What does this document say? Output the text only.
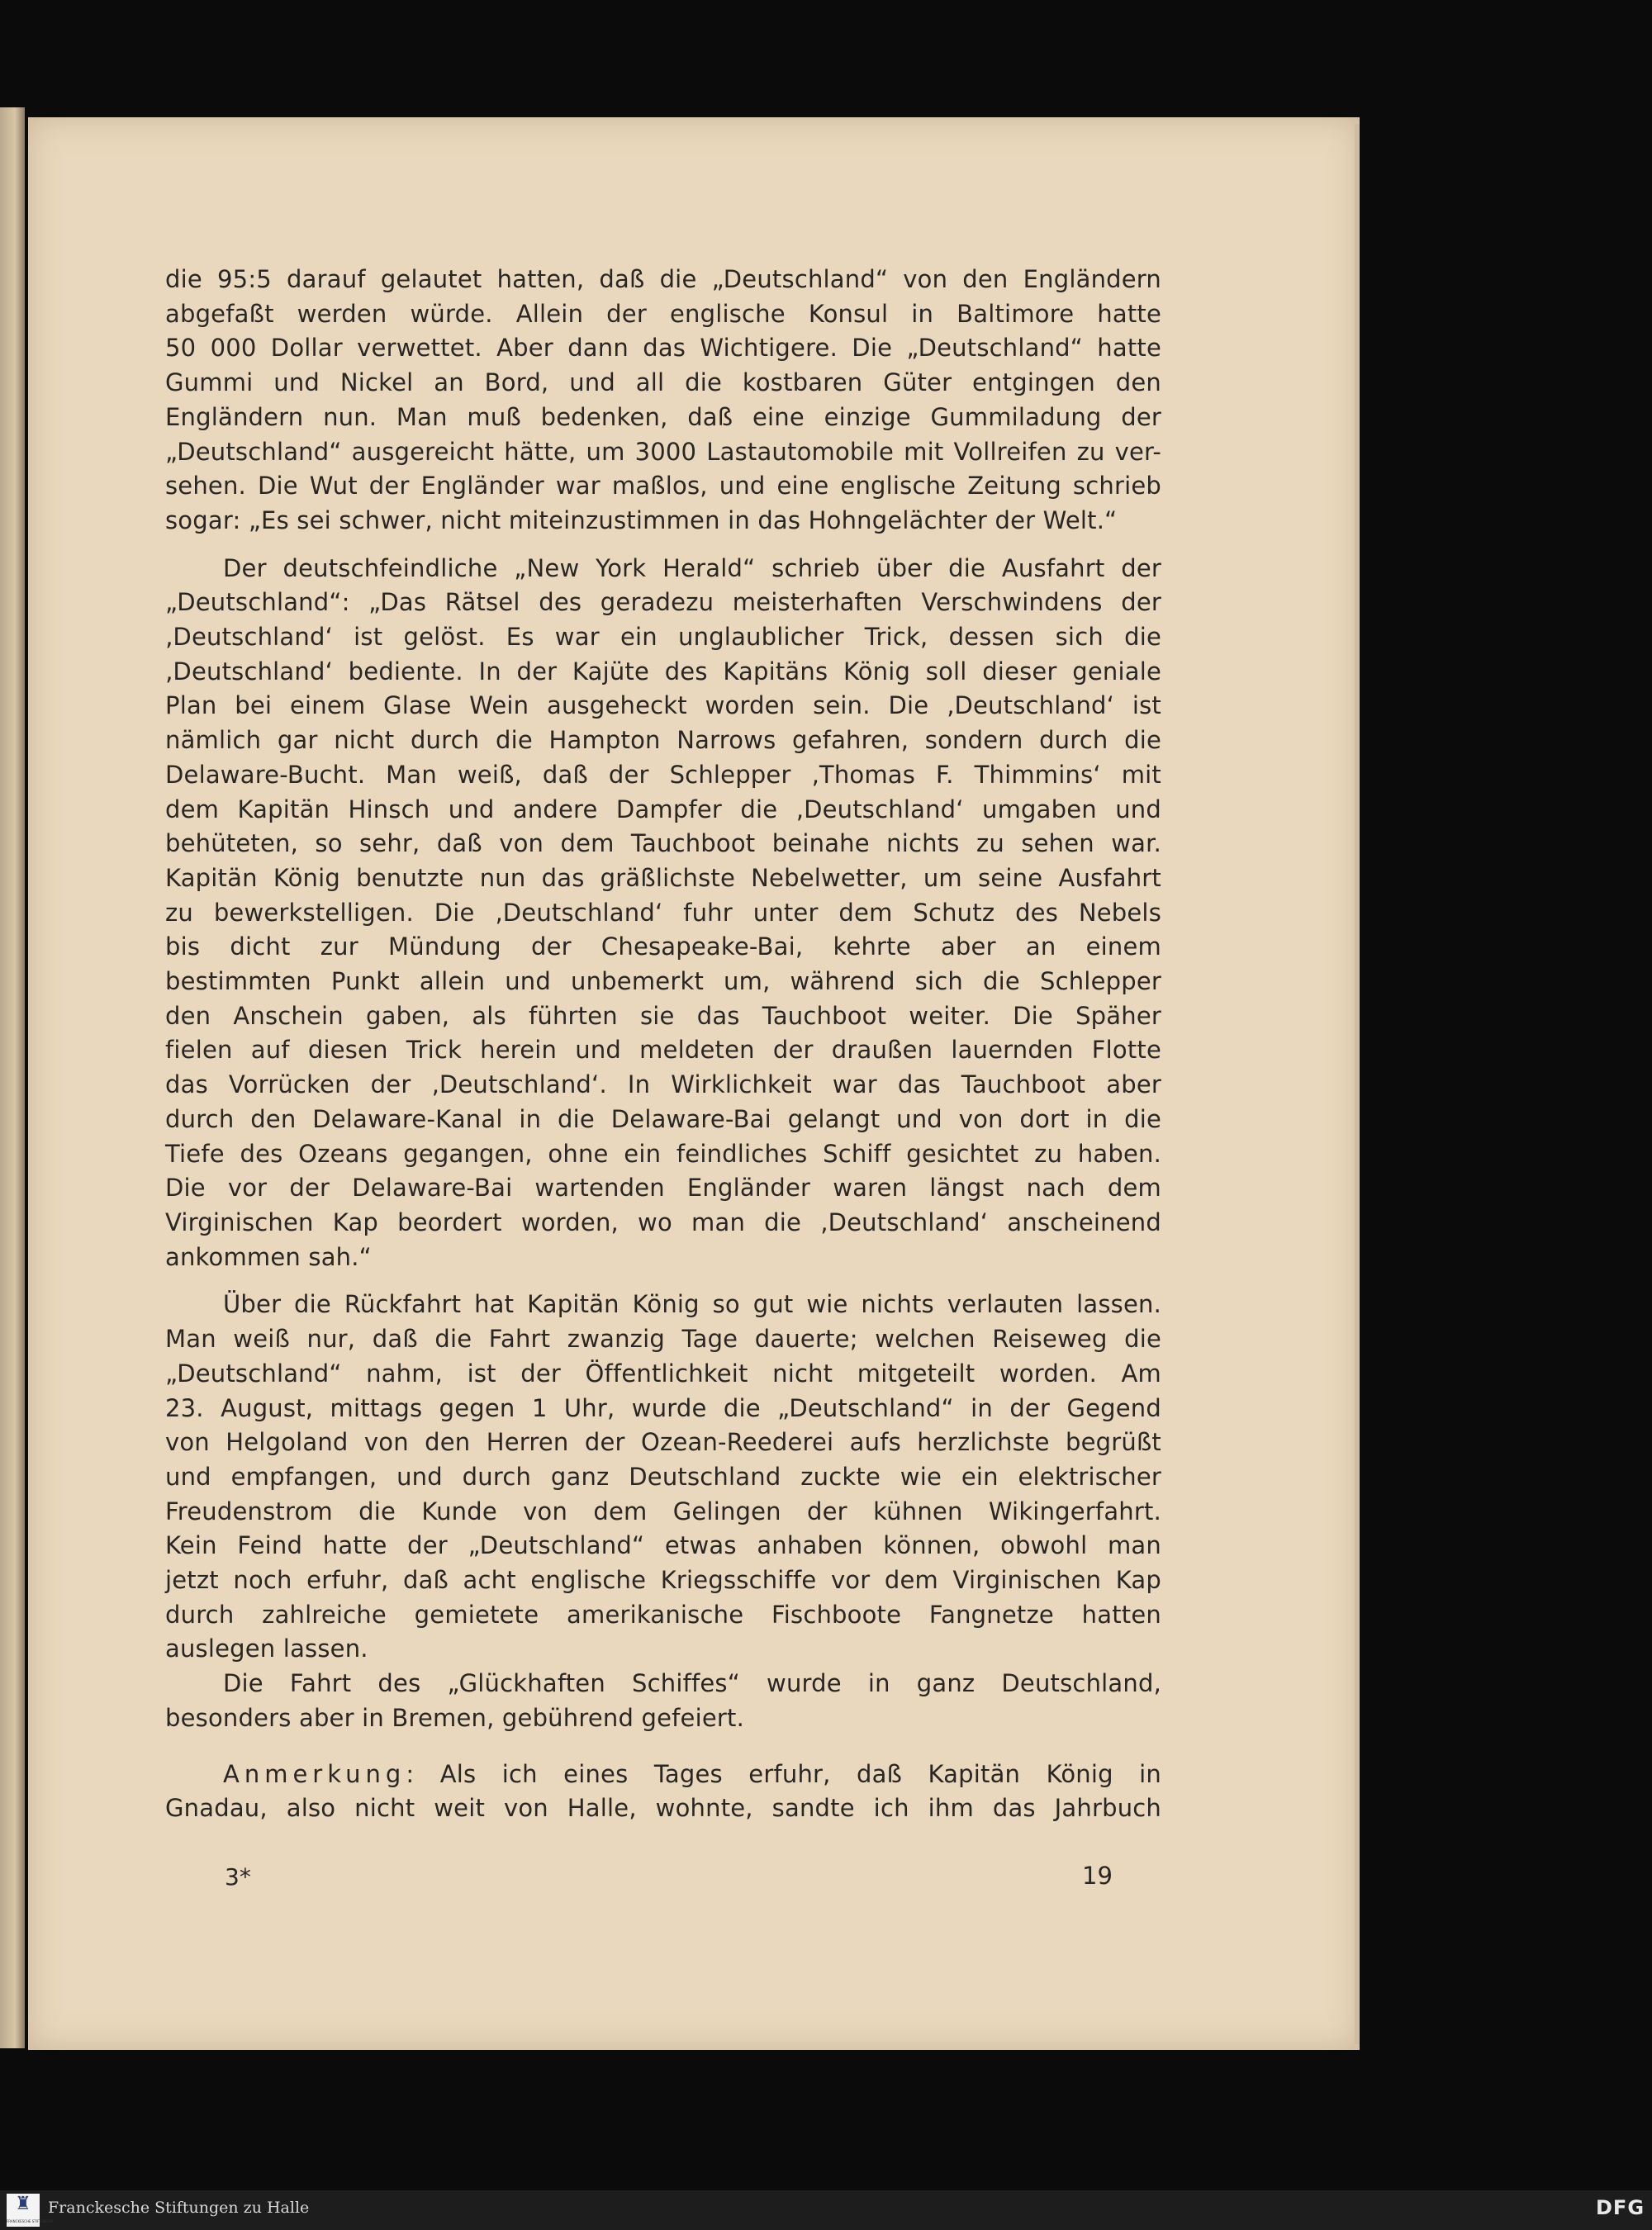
die 95:5 darauf gelautet hatten, daß die „Deutschland“ von den Engländern

abgefaßt werden würde. Allein der englische Konsul in Baltimore hatte

50 000 Dollar verwettet. Aber dann das Wichtigere. Die „Deutschland“ hatte

Gummi und Nickel an Bord, und all die kostbaren Güter entgingen den

Engländern nun. Man muß bedenken, daß eine einzige Gummiladung der

„Deutschland“ ausgereicht hätte, um 3000 Lastautomobile mit Vollreifen zu ver-

sehen. Die Wut der Engländer war maßlos, und eine englische Zeitung schrieb

sogar: „Es sei schwer, nicht miteinzustimmen in das Hohngelächter der Welt.“

Der deutschfeindliche „New York Herald“ schrieb über die Ausfahrt der

„Deutschland“: „Das Rätsel des geradezu meisterhaften Verschwindens der

‚Deutschland‘ ist gelöst. Es war ein unglaublicher Trick, dessen sich die

‚Deutschland‘ bediente. In der Kajüte des Kapitäns König soll dieser geniale

Plan bei einem Glase Wein ausgeheckt worden sein. Die ‚Deutschland‘ ist

nämlich gar nicht durch die Hampton Narrows gefahren, sondern durch die

Delaware-Bucht. Man weiß, daß der Schlepper ‚Thomas F. Thimmins‘ mit

dem Kapitän Hinsch und andere Dampfer die ‚Deutschland‘ umgaben und

behüteten, so sehr, daß von dem Tauchboot beinahe nichts zu sehen war.

Kapitän König benutzte nun das gräßlichste Nebelwetter, um seine Ausfahrt

zu bewerkstelligen. Die ‚Deutschland‘ fuhr unter dem Schutz des Nebels

bis dicht zur Mündung der Chesapeake-Bai, kehrte aber an einem

bestimmten Punkt allein und unbemerkt um, während sich die Schlepper

den Anschein gaben, als führten sie das Tauchboot weiter. Die Späher

fielen auf diesen Trick herein und meldeten der draußen lauernden Flotte

das Vorrücken der ‚Deutschland‘. In Wirklichkeit war das Tauchboot aber

durch den Delaware-Kanal in die Delaware-Bai gelangt und von dort in die

Tiefe des Ozeans gegangen, ohne ein feindliches Schiff gesichtet zu haben.

Die vor der Delaware-Bai wartenden Engländer waren längst nach dem

Virginischen Kap beordert worden, wo man die ‚Deutschland‘ anscheinend

ankommen sah.“

Über die Rückfahrt hat Kapitän König so gut wie nichts verlauten lassen.

Man weiß nur, daß die Fahrt zwanzig Tage dauerte; welchen Reiseweg die

„Deutschland“ nahm, ist der Öffentlichkeit nicht mitgeteilt worden. Am

23. August, mittags gegen 1 Uhr, wurde die „Deutschland“ in der Gegend

von Helgoland von den Herren der Ozean-Reederei aufs herzlichste begrüßt

und empfangen, und durch ganz Deutschland zuckte wie ein elektrischer

Freudenstrom die Kunde von dem Gelingen der kühnen Wikingerfahrt.

Kein Feind hatte der „Deutschland“ etwas anhaben können, obwohl man

jetzt noch erfuhr, daß acht englische Kriegsschiffe vor dem Virginischen Kap

durch zahlreiche gemietete amerikanische Fischboote Fangnetze hatten

auslegen lassen.

Die Fahrt des „Glückhaften Schiffes“ wurde in ganz Deutschland,

besonders aber in Bremen, gebührend gefeiert.

Anmerkung: Als ich eines Tages erfuhr, daß Kapitän König in

Gnadau, also nicht weit von Halle, wohnte, sandte ich ihm das Jahrbuch

3*	19
♜
FRANCKESCHE STIFTUNGEN
Franckesche Stiftungen zu Halle	DFG
